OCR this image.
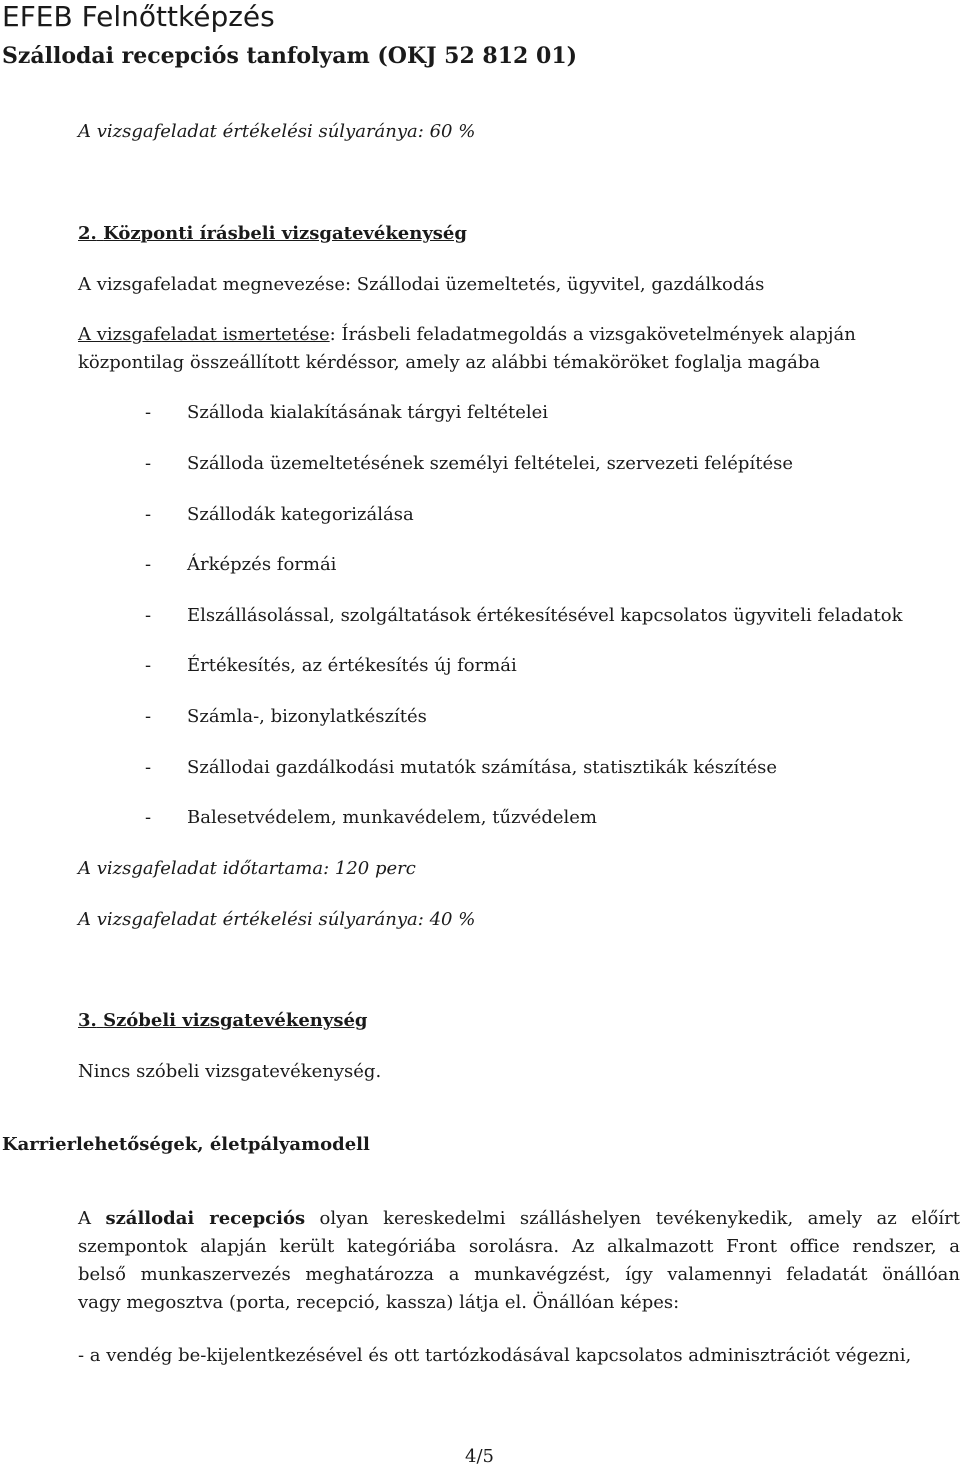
EFEB Felnőttképzés
Szállodai recepciós tanfolyam (OKJ 52 812 01)
A vizsgafeladat értékelési súlyaránya: 60 %
2. Központi írásbeli vizsgatevékenység
A vizsgafeladat megnevezése: Szállodai üzemeltetés, ügyvitel, gazdálkodás
A vizsgafeladat ismertetése: Írásbeli feladatmegoldás a vizsgakövetelmények alapján
központilag összeállított kérdéssor, amely az alábbi témaköröket foglalja magába
- Szálloda kialakításának tárgyi feltételei
- Szálloda üzemeltetésének személyi feltételei, szervezeti felépítése
- Szállodák kategorizálása
- Árképzés formái
- Elszállásolással, szolgáltatások értékesítésével kapcsolatos ügyviteli feladatok
- Értékesítés, az értékesítés új formái
- Számla-, bizonylatkészítés
- Szállodai gazdálkodási mutatók számítása, statisztikák készítése
- Balesetvédelem, munkavédelem, tűzvédelem
A vizsgafeladat időtartama: 120 perc
A vizsgafeladat értékelési súlyaránya: 40 %
3. Szóbeli vizsgatevékenység
Nincs szóbeli vizsgatevékenység.
Karrierlehetőségek, életpályamodell
A szállodai recepciós olyan kereskedelmi szálláshelyen tevékenykedik, amely az előírt
szempontok alapján került kategóriába sorolásra. Az alkalmazott Front office rendszer, a
belső munkaszervezés meghatározza a munkavégzést, így valamennyi feladatát önállóan
vagy megosztva (porta, recepció, kassza) látja el. Önállóan képes:
- a vendég be-kijelentkezésével és ott tartózkodásával kapcsolatos adminisztrációt végezni,
4/5
